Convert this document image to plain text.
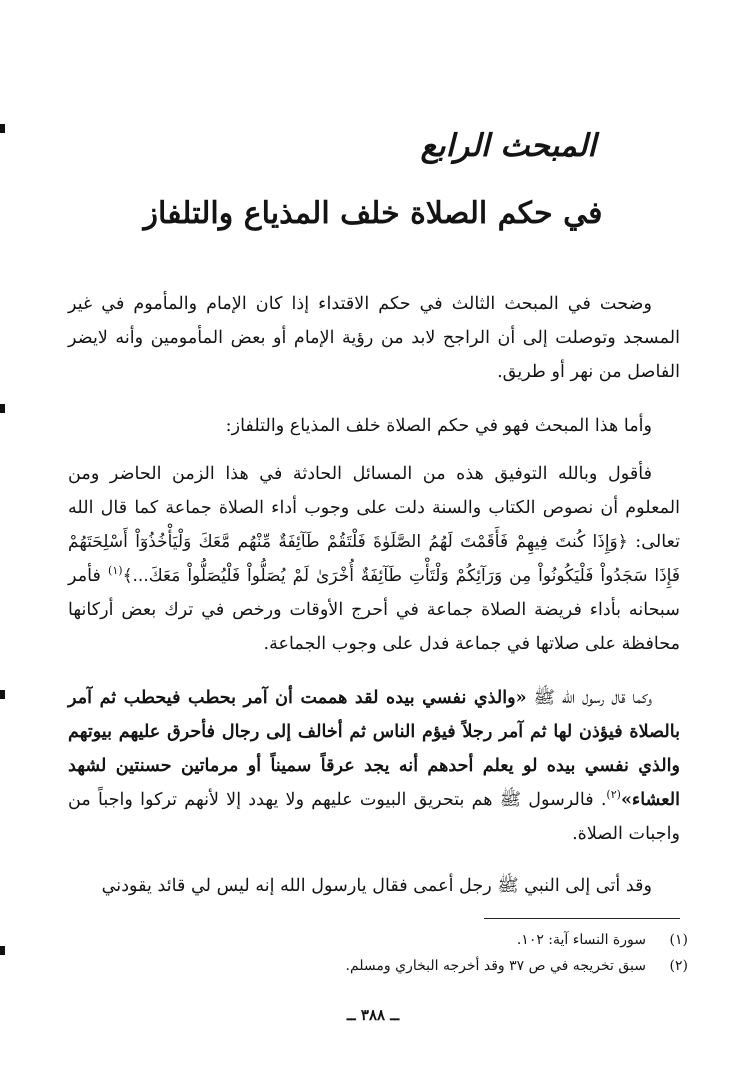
المبحث الرابع
في حكم الصلاة خلف المذياع والتلفاز

وضحت في المبحث الثالث في حكم الاقتداء إذا كان الإمام والمأموم في غير المسجد وتوصلت إلى أن الراجح لابد من رؤية الإمام أو بعض المأمومين وأنه لايضر الفاصل من نهر أو طريق.

وأما هذا المبحث فهو في حكم الصلاة خلف المذياع والتلفاز:

فأقول وبالله التوفيق هذه من المسائل الحادثة في هذا الزمن الحاضر ومن المعلوم أن نصوص الكتاب والسنة دلت على وجوب أداء الصلاة جماعة كما قال الله تعالى: ﴿وَإِذَا كُنتَ فِيهِمْ فَأَقَمْتَ لَهُمُ الصَّلَوٰةَ فَلْتَقُمْ طَآئِفَةٌ مِّنْهُم مَّعَكَ وَلْيَأْخُذُوٓاْ أَسْلِحَتَهُمْ فَإِذَا سَجَدُواْ فَلْيَكُونُواْ مِن وَرَآئِكُمْ وَلْتَأْتِ طَآئِفَةٌ أُخْرَىٰ لَمْ يُصَلُّواْ فَلْيُصَلُّواْ مَعَكَ...﴾$^{(١)}$ فأمر سبحانه بأداء فريضة الصلاة جماعة في أحرج الأوقات ورخص في ترك بعض أركانها محافظة على صلاتها في جماعة فدل على وجوب الجماعة.

وكما قال رسول الله ﷺ «والذي نفسي بيده لقد هممت أن آمر بحطب فيحطب ثم آمر بالصلاة فيؤذن لها ثم آمر رجلاً فيؤم الناس ثم أخالف إلى رجال فأحرق عليهم بيوتهم والذي نفسي بيده لو يعلم أحدهم أنه يجد عرقاً سميناً أو مرماتين حسنتين لشهد العشاء»$^{(٢)}$. فالرسول ﷺ هم بتحريق البيوت عليهم ولا يهدد إلا لأنهم تركوا واجباً من واجبات الصلاة.

وقد أتى إلى النبي ﷺ رجل أعمى فقال يارسول الله إنه ليس لي قائد يقودني

(١)سورة النساء آية: ١٠٢.
(٢)سبق تخريجه في ص ٣٧ وقد أخرجه البخاري ومسلم.
ــ ٣٨٨ ــ
